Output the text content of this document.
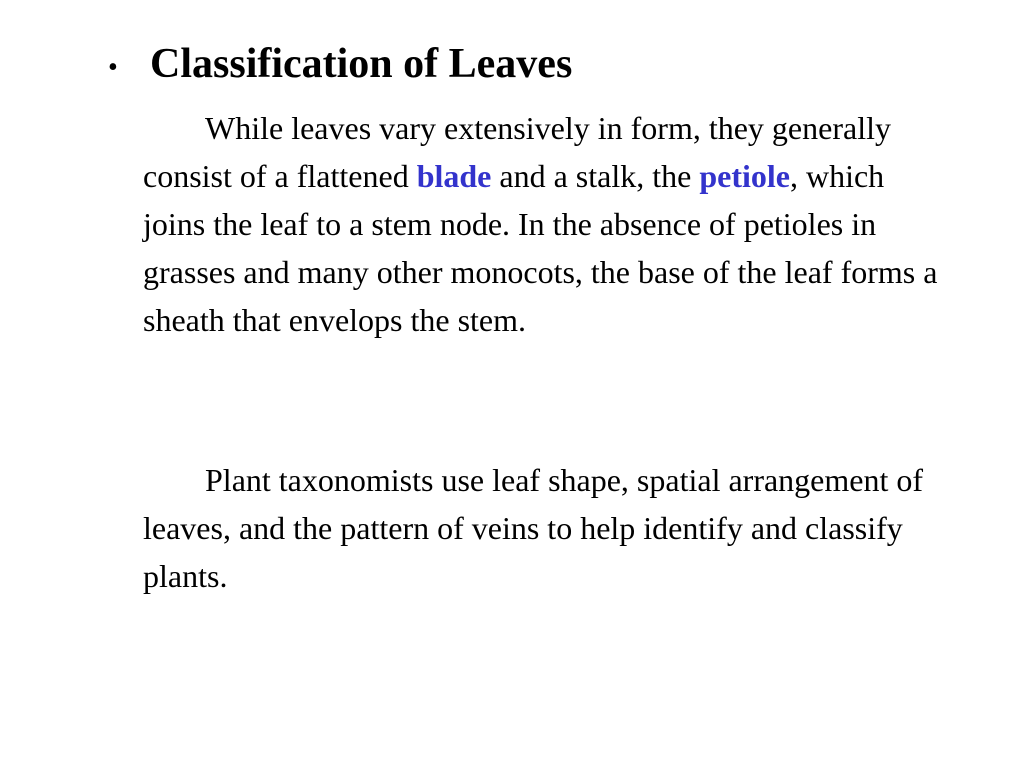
• Classification of Leaves

While leaves vary extensively in form, they generally consist of a flattened blade and a stalk, the petiole, which joins the leaf to a stem node. In the absence of petioles in grasses and many other monocots, the base of the leaf forms a sheath that envelops the stem.

Plant taxonomists use leaf shape, spatial arrangement of leaves, and the pattern of veins to help identify and classify plants.
